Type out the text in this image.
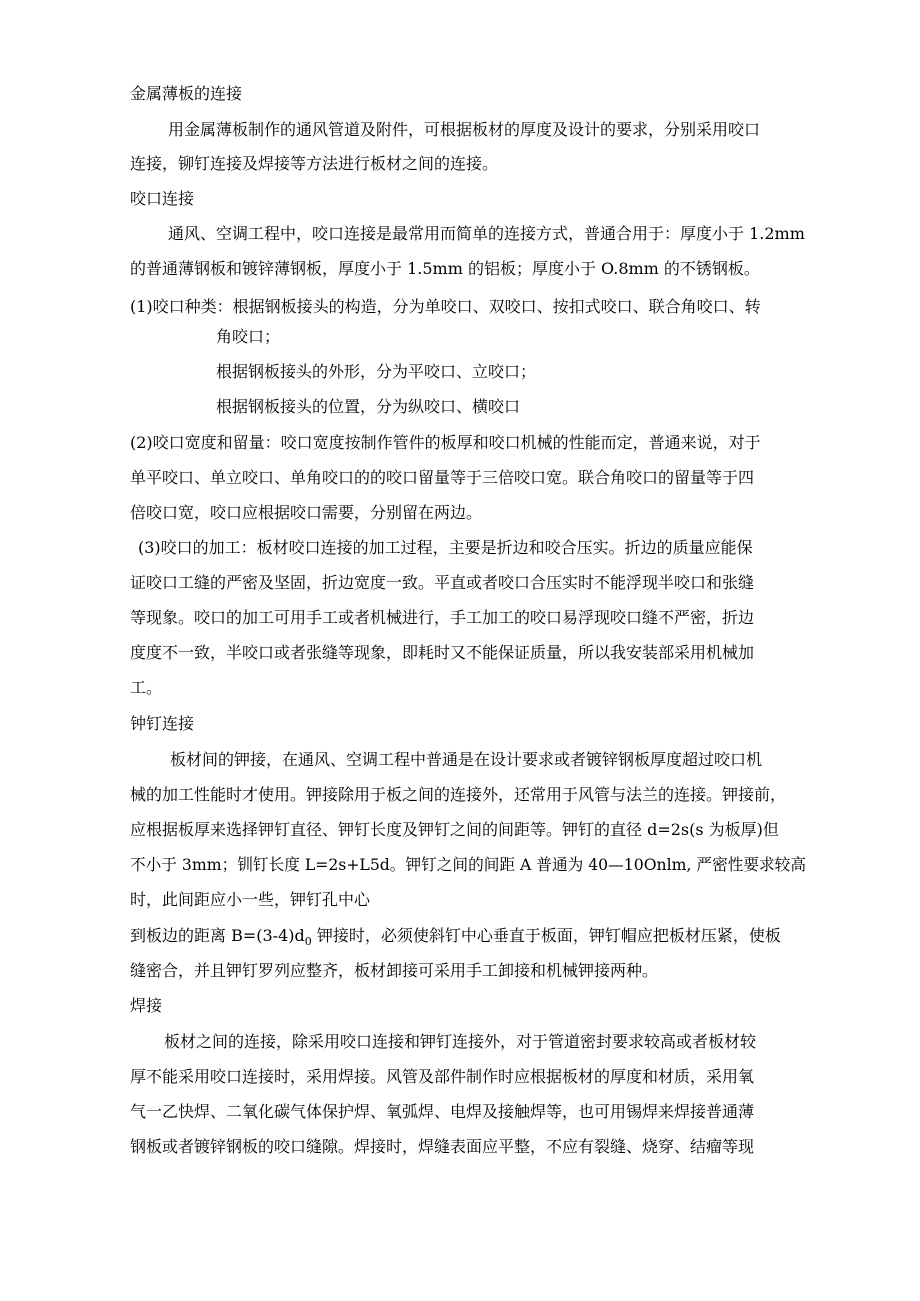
金属薄板的连接
用金属薄板制作的通风管道及附件，可根据板材的厚度及设计的要求，分别采用咬口
连接，铆钉连接及焊接等方法进行板材之间的连接。
咬口连接
通风、空调工程中，咬口连接是最常用而简单的连接方式，普通合用于：厚度小于 1.2mm
的普通薄钢板和镀锌薄钢板，厚度小于 1.5mm 的铝板；厚度小于 O.8mm 的不锈钢板。
(1)咬口种类：根据钢板接头的构造，分为单咬口、双咬口、按扣式咬口、联合角咬口、转
角咬口；
根据钢板接头的外形，分为平咬口、立咬口；
根据钢板接头的位置，分为纵咬口、横咬口
(2)咬口宽度和留量：咬口宽度按制作管件的板厚和咬口机械的性能而定，普通来说，对于
单平咬口、单立咬口、单角咬口的的咬口留量等于三倍咬口宽。联合角咬口的留量等于四
倍咬口宽，咬口应根据咬口需要，分别留在两边。
(3)咬口的加工：板材咬口连接的加工过程，主要是折边和咬合压实。折边的质量应能保
证咬口工缝的严密及坚固，折边宽度一致。平直或者咬口合压实时不能浮现半咬口和张缝
等现象。咬口的加工可用手工或者机械进行，手工加工的咬口易浮现咬口缝不严密，折边
度度不一致，半咬口或者张缝等现象，即耗时又不能保证质量，所以我安装部采用机械加
工。
钟钉连接
板材间的钾接，在通风、空调工程中普通是在设计要求或者镀锌钢板厚度超过咬口机
械的加工性能时才使用。钾接除用于板之间的连接外，还常用于风管与法兰的连接。钾接前，
应根据板厚来选择钾钉直径、钾钉长度及钾钉之间的间距等。钾钉的直径 d=2s(s 为板厚)但
不小于 3mm；钏钉长度 L=2s+L5d。钾钉之间的间距 A 普通为 40—10Onlm, 严密性要求较高
时，此间距应小一些，钾钉孔中心
到板边的距离 $B=(3-4)d_0$ 钾接时，必须使斜钉中心垂直于板面，钾钉帽应把板材压紧，使板
缝密合，并且钾钉罗列应整齐，板材卸接可采用手工卸接和机械钾接两种。
焊接
板材之间的连接，除采用咬口连接和钾钉连接外，对于管道密封要求较高或者板材较
厚不能采用咬口连接时，采用焊接。风管及部件制作时应根据板材的厚度和材质，采用氧
气一乙快焊、二氧化碳气体保护焊、氧弧焊、电焊及接触焊等，也可用锡焊来焊接普通薄
钢板或者镀锌钢板的咬口缝隙。焊接时，焊缝表面应平整，不应有裂缝、烧穿、结瘤等现
